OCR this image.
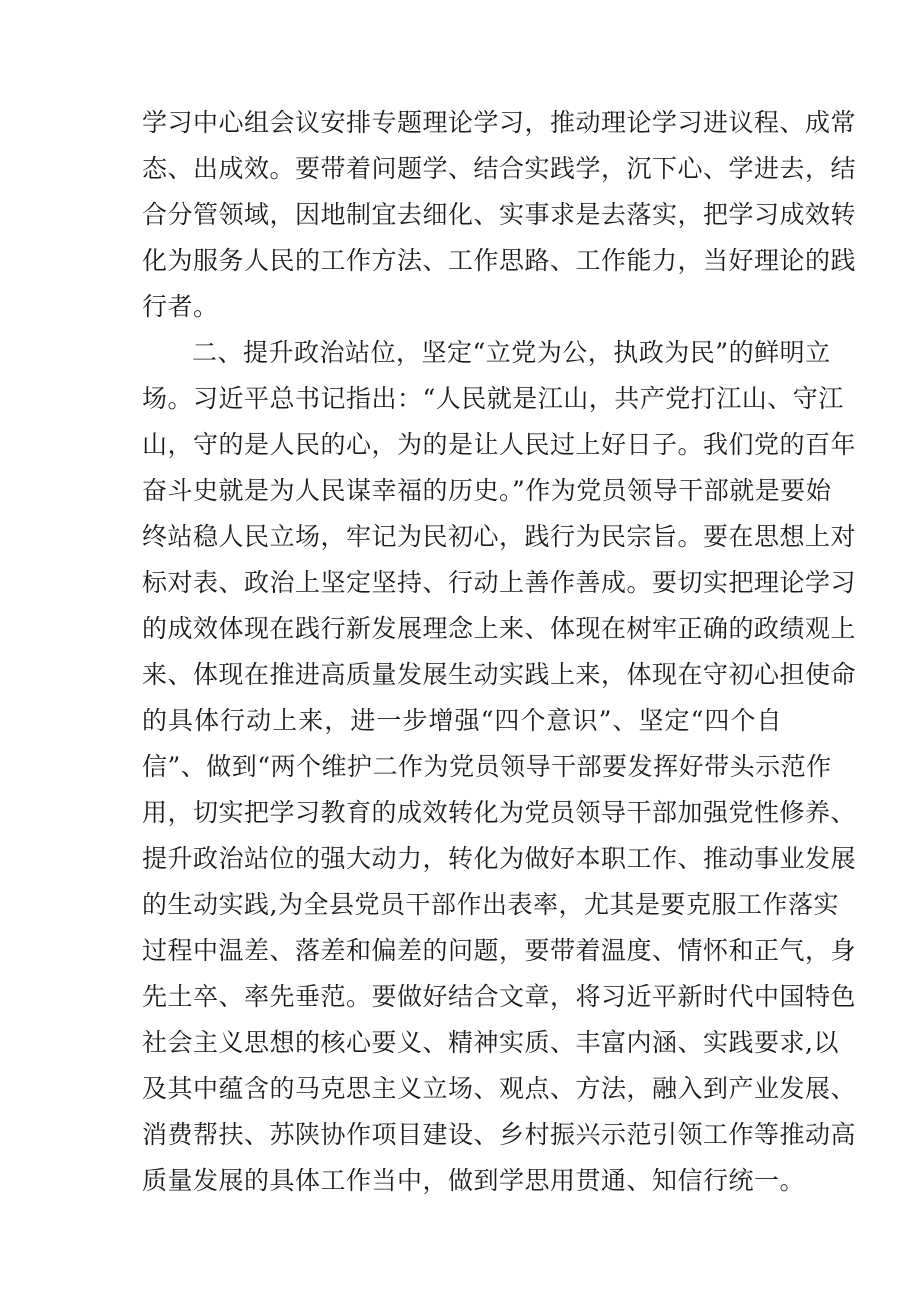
学习中心组会议安排专题理论学习，推动理论学习进议程、成常
态、出成效。要带着问题学、结合实践学，沉下心、学进去，结
合分管领域，因地制宜去细化、实事求是去落实，把学习成效转
化为服务人民的工作方法、工作思路、工作能力，当好理论的践
行者。
二、提升政治站位，坚定“立党为公，执政为民”的鲜明立
场。习近平总书记指出：“人民就是江山，共产党打江山、守江
山，守的是人民的心，为的是让人民过上好日子。我们党的百年
奋斗史就是为人民谋幸福的历史。”作为党员领导干部就是要始
终站稳人民立场，牢记为民初心，践行为民宗旨。要在思想上对
标对表、政治上坚定坚持、行动上善作善成。要切实把理论学习
的成效体现在践行新发展理念上来、体现在树牢正确的政绩观上
来、体现在推进高质量发展生动实践上来，体现在守初心担使命
的具体行动上来，进一步增强“四个意识”、坚定“四个自
信”、做到“两个维护二作为党员领导干部要发挥好带头示范作
用，切实把学习教育的成效转化为党员领导干部加强党性修养、
提升政治站位的强大动力，转化为做好本职工作、推动事业发展
的生动实践,为全县党员干部作出表率，尤其是要克服工作落实
过程中温差、落差和偏差的问题，要带着温度、情怀和正气，身
先土卒、率先垂范。要做好结合文章，将习近平新时代中国特色
社会主义思想的核心要义、精神实质、丰富内涵、实践要求,以
及其中蕴含的马克思主义立场、观点、方法，融入到产业发展、
消费帮扶、苏陕协作项目建设、乡村振兴示范引领工作等推动高
质量发展的具体工作当中，做到学思用贯通、知信行统一。
